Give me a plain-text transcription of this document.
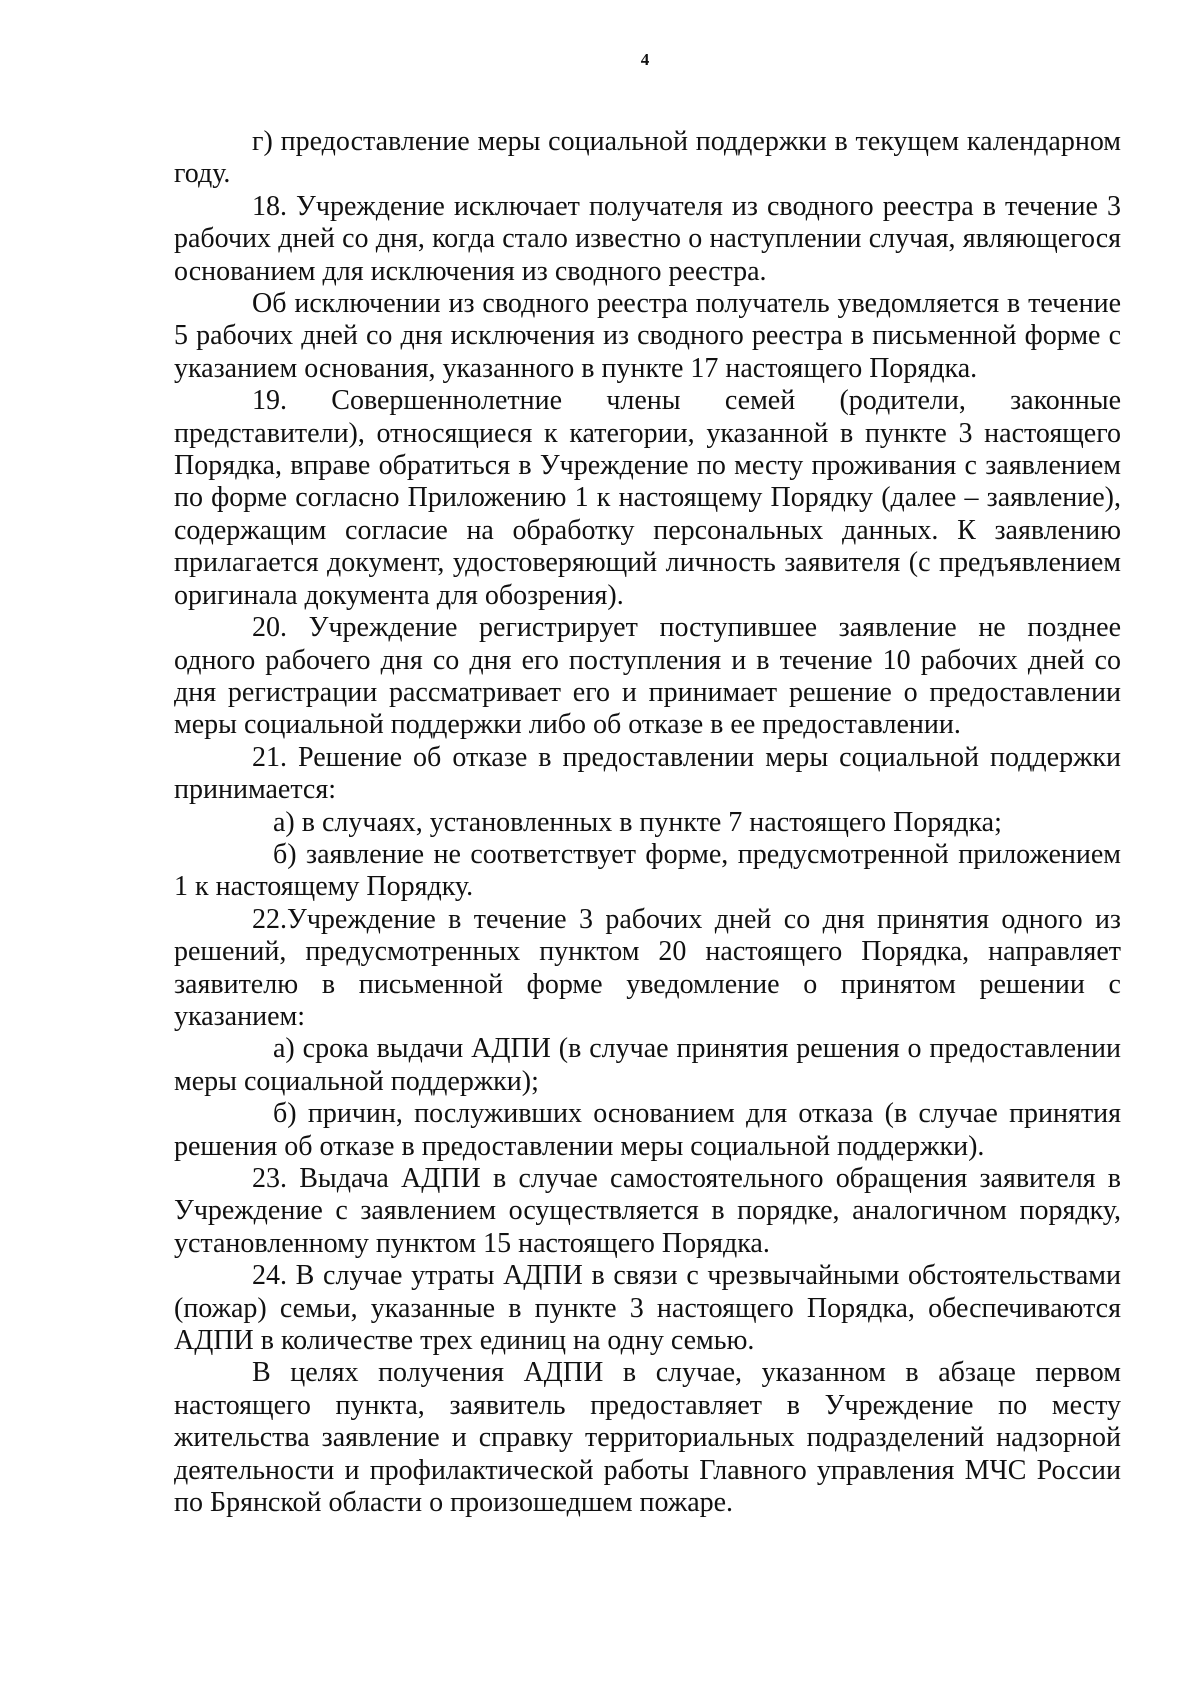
4

г) предоставление меры социальной поддержки в текущем календарном году.

18. Учреждение исключает получателя из сводного реестра в течение 3 рабочих дней со дня, когда стало известно о наступлении случая, являющегося основанием для исключения из сводного реестра.

Об исключении из сводного реестра получатель уведомляется в течение 5 рабочих дней со дня исключения из сводного реестра в письменной форме с указанием основания, указанного в пункте 17 настоящего Порядка.

19. Совершеннолетние члены семей (родители, законные представители), относящиеся к категории, указанной в пункте 3 настоящего Порядка, вправе обратиться в Учреждение по месту проживания с заявлением по форме согласно Приложению 1 к настоящему Порядку (далее – заявление), содержащим согласие на обработку персональных данных. К заявлению прилагается документ, удостоверяющий личность заявителя (с предъявлением оригинала документа для обозрения).

20. Учреждение регистрирует поступившее заявление не позднее одного рабочего дня со дня его поступления и в течение 10 рабочих дней со дня регистрации рассматривает его и принимает решение о предоставлении меры социальной поддержки либо об отказе в ее предоставлении.

21. Решение об отказе в предоставлении меры социальной поддержки принимается:

а) в случаях, установленных в пункте 7 настоящего Порядка;

б) заявление не соответствует форме, предусмотренной приложением 1 к настоящему Порядку.

22.Учреждение в течение 3 рабочих дней со дня принятия одного из решений, предусмотренных пунктом 20 настоящего Порядка, направляет заявителю в письменной форме уведомление о принятом решении с указанием:

а) срока выдачи АДПИ (в случае принятия решения о предоставлении меры социальной поддержки);

б) причин, послуживших основанием для отказа (в случае принятия решения об отказе в предоставлении меры социальной поддержки).

23. Выдача АДПИ в случае самостоятельного обращения заявителя в Учреждение с заявлением осуществляется в порядке, аналогичном порядку, установленному пунктом 15 настоящего Порядка.

24. В случае утраты АДПИ в связи с чрезвычайными обстоятельствами (пожар) семьи, указанные в пункте 3 настоящего Порядка, обеспечиваются АДПИ в количестве трех единиц на одну семью.

В целях получения АДПИ в случае, указанном в абзаце первом настоящего пункта, заявитель предоставляет в Учреждение по месту жительства заявление и справку территориальных подразделений надзорной деятельности и профилактической работы Главного управления МЧС России по Брянской области о произошедшем пожаре.
